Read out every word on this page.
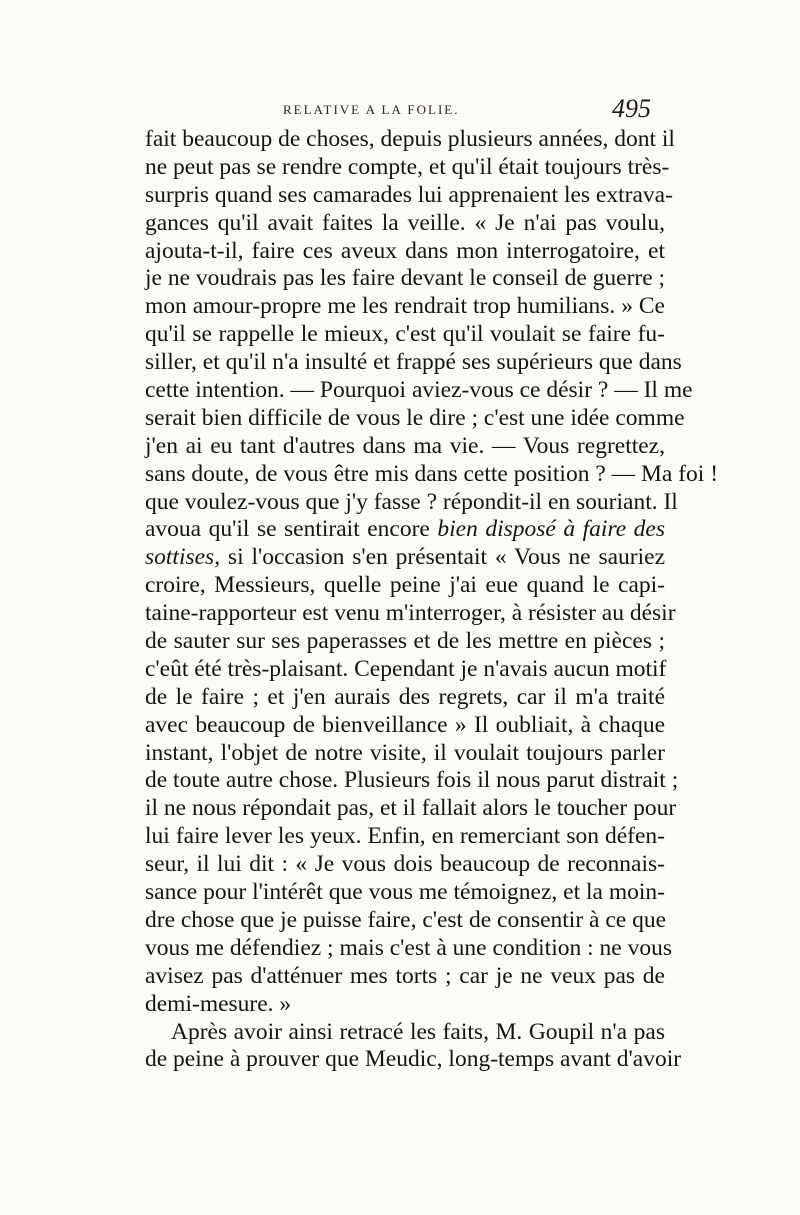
RELATIVE A LA FOLIE.	495
fait beaucoup de choses, depuis plusieurs années, dont il
ne peut pas se rendre compte, et qu'il était toujours très-
surpris quand ses camarades lui apprenaient les extrava-
gances qu'il avait faites la veille. « Je n'ai pas voulu,
ajouta-t-il, faire ces aveux dans mon interrogatoire, et
je ne voudrais pas les faire devant le conseil de guerre ;
mon amour-propre me les rendrait trop humilians. » Ce
qu'il se rappelle le mieux, c'est qu'il voulait se faire fu-
siller, et qu'il n'a insulté et frappé ses supérieurs que dans
cette intention. — Pourquoi aviez-vous ce désir ? — Il me
serait bien difficile de vous le dire ; c'est une idée comme
j'en ai eu tant d'autres dans ma vie. — Vous regrettez,
sans doute, de vous être mis dans cette position ? — Ma foi !
que voulez-vous que j'y fasse ? répondit-il en souriant. Il
avoua qu'il se sentirait encore bien disposé à faire des
sottises, si l'occasion s'en présentait « Vous ne sauriez
croire, Messieurs, quelle peine j'ai eue quand le capi-
taine-rapporteur est venu m'interroger, à résister au désir
de sauter sur ses paperasses et de les mettre en pièces ;
c'eût été très-plaisant. Cependant je n'avais aucun motif
de le faire ; et j'en aurais des regrets, car il m'a traité
avec beaucoup de bienveillance » Il oubliait, à chaque
instant, l'objet de notre visite, il voulait toujours parler
de toute autre chose. Plusieurs fois il nous parut distrait ;
il ne nous répondait pas, et il fallait alors le toucher pour
lui faire lever les yeux. Enfin, en remerciant son défen-
seur, il lui dit : « Je vous dois beaucoup de reconnais-
sance pour l'intérêt que vous me témoignez, et la moin-
dre chose que je puisse faire, c'est de consentir à ce que
vous me défendiez ; mais c'est à une condition : ne vous
avisez pas d'atténuer mes torts ; car je ne veux pas de
demi-mesure. »
Après avoir ainsi retracé les faits, M. Goupil n'a pas
de peine à prouver que Meudic, long-temps avant d'avoir
